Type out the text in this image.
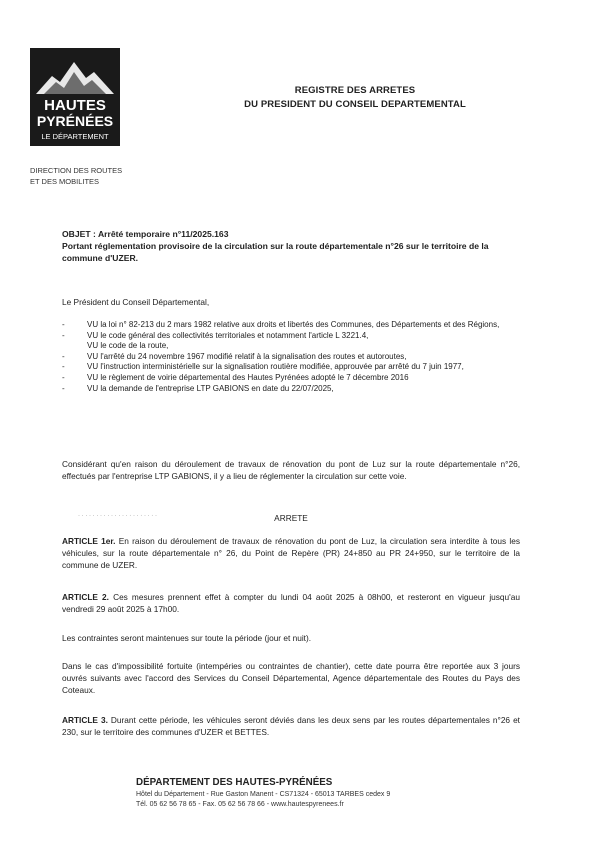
HAUTES
PYRÉNÉES
LE DÉPARTEMENT
REGISTRE DES ARRETES
DU PRESIDENT DU CONSEIL DEPARTEMENTAL
DIRECTION DES ROUTES
ET DES MOBILITES
OBJET : Arrêté temporaire n°11/2025.163
Portant réglementation provisoire de la circulation sur la route départementale n°26 sur le territoire de la commune d'UZER.
Le Président du Conseil Départemental,
-	VU la loi n° 82-213 du 2 mars 1982 relative aux droits et libertés des Communes, des Départements et des Régions,
-	VU le code général des collectivités territoriales et notamment l'article L 3221.4,

VU le code de la route,
-	VU l'arrêté du 24 novembre 1967 modifié relatif à la signalisation des routes et autoroutes,
-	VU l'instruction interministérielle sur la signalisation routière modifiée, approuvée par arrêté du 7 juin 1977,
-	VU le règlement de voirie départemental des Hautes Pyrénées adopté le 7 décembre 2016
-	VU la demande de l'entreprise LTP GABIONS en date du 22/07/2025,
Considérant qu'en raison du déroulement de travaux de rénovation du pont de Luz sur la route départementale n°26, effectués par l'entreprise LTP GABIONS, il y a lieu de réglementer la circulation sur cette voie.
· · · · · · · · · · · · · · · · · · · · · ·	ARRETE
ARTICLE 1er. En raison du déroulement de travaux de rénovation du pont de Luz, la circulation sera interdite à tous les véhicules, sur la route départementale n° 26, du Point de Repère (PR) 24+850 au PR 24+950, sur le territoire de la commune de UZER.
ARTICLE 2. Ces mesures prennent effet à compter du lundi 04 août 2025 à 08h00, et resteront en vigueur jusqu'au vendredi 29 août 2025 à 17h00.
Les contraintes seront maintenues sur toute la période (jour et nuit).
Dans le cas d'impossibilité fortuite (intempéries ou contraintes de chantier), cette date pourra être reportée aux 3 jours ouvrés suivants avec l'accord des Services du Conseil Départemental, Agence départementale des Routes du Pays des Coteaux.
ARTICLE 3. Durant cette période, les véhicules seront déviés dans les deux sens par les routes départementales n°26 et 230, sur le territoire des communes d'UZER et BETTES.
DÉPARTEMENT DES HAUTES-PYRÉNÉES
Hôtel du Département - Rue Gaston Manent - CS71324 - 65013 TARBES cedex 9
Tél. 05 62 56 78 65 - Fax. 05 62 56 78 66 - www.hautespyrenees.fr
